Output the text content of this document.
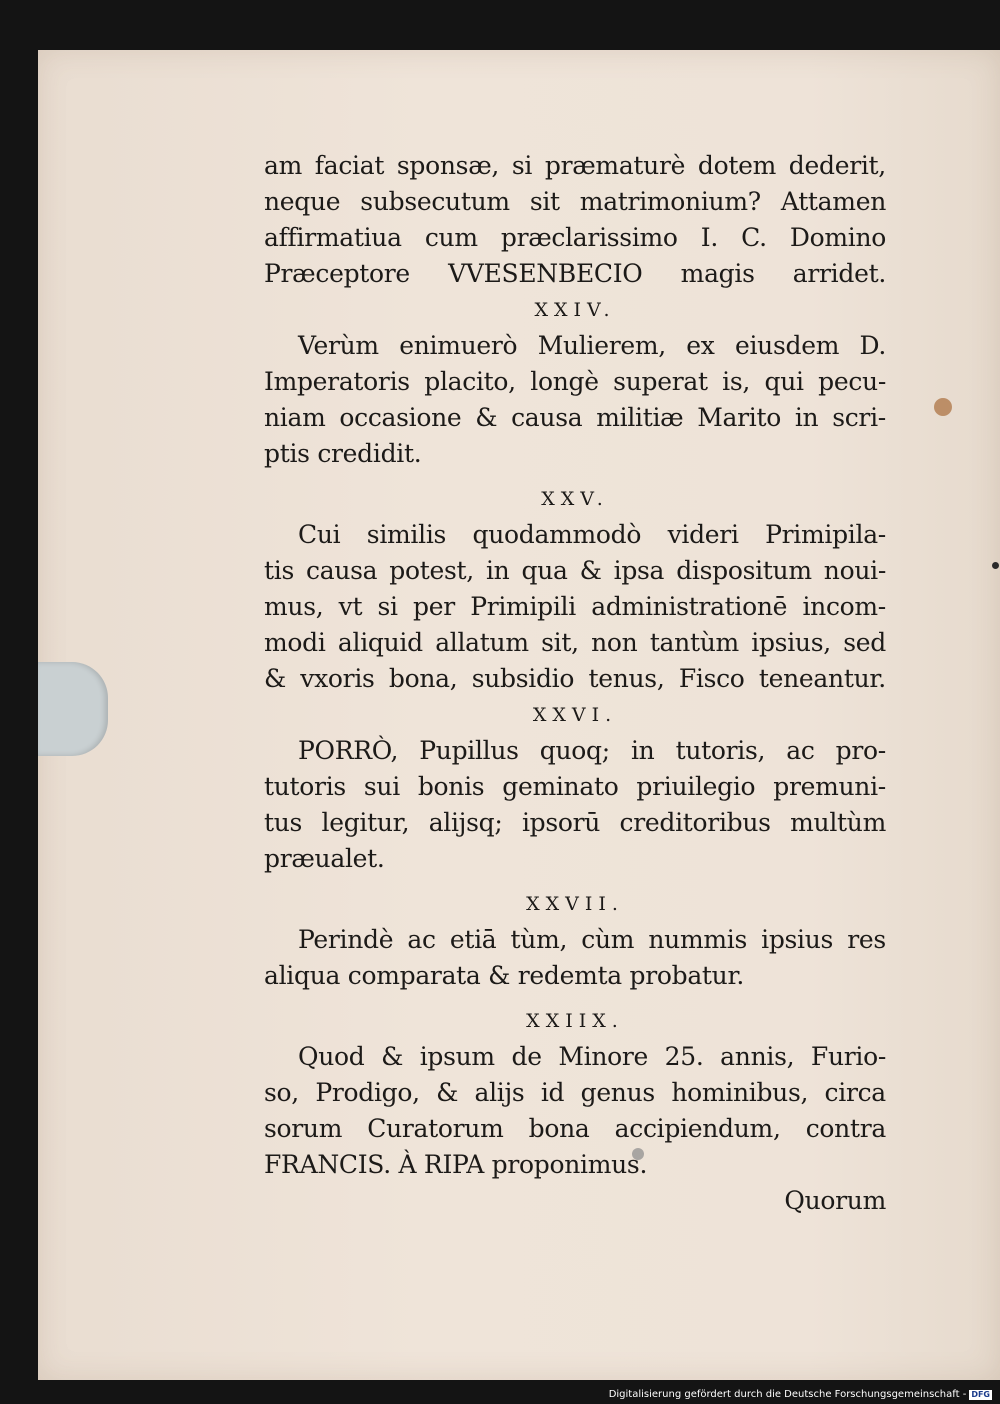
am faciat sponsæ, si præmaturè dotem dederit,
neque subsecutum sit matrimonium? Attamen
affirmatiua cum præclarissimo I. C. Domino
Præceptore VVESENBECIO magis arridet.
XXIV.
Verùm enimuerò Mulierem, ex eiusdem D.
Imperatoris placito, longè superat is, qui pecu-
niam occasione & causa militiæ Marito in scri-
ptis credidit.
XXV.
Cui similis quodammodò videri Primipila-
tis causa potest, in qua & ipsa dispositum noui-
mus, vt si per Primipili administrationē incom-
modi aliquid allatum sit, non tantùm ipsius, sed
& vxoris bona, subsidio tenus, Fisco teneantur.
XXVI.
PORRÒ, Pupillus quoq; in tutoris, ac pro-
tutoris sui bonis geminato priuilegio premuni-
tus legitur, alijsq; ipsorū creditoribus multùm
præualet.
XXVII.
Perindè ac etiā tùm, cùm nummis ipsius res
aliqua comparata & redemta probatur.
XXIIX.
Quod & ipsum de Minore 25. annis, Furio-
so, Prodigo, & alijs id genus hominibus, circa
sorum Curatorum bona accipiendum, contra
FRANCIS. À RIPA proponimus.
Quorum
Digitalisierung gefördert durch die Deutsche Forschungsgemeinschaft - DFG
